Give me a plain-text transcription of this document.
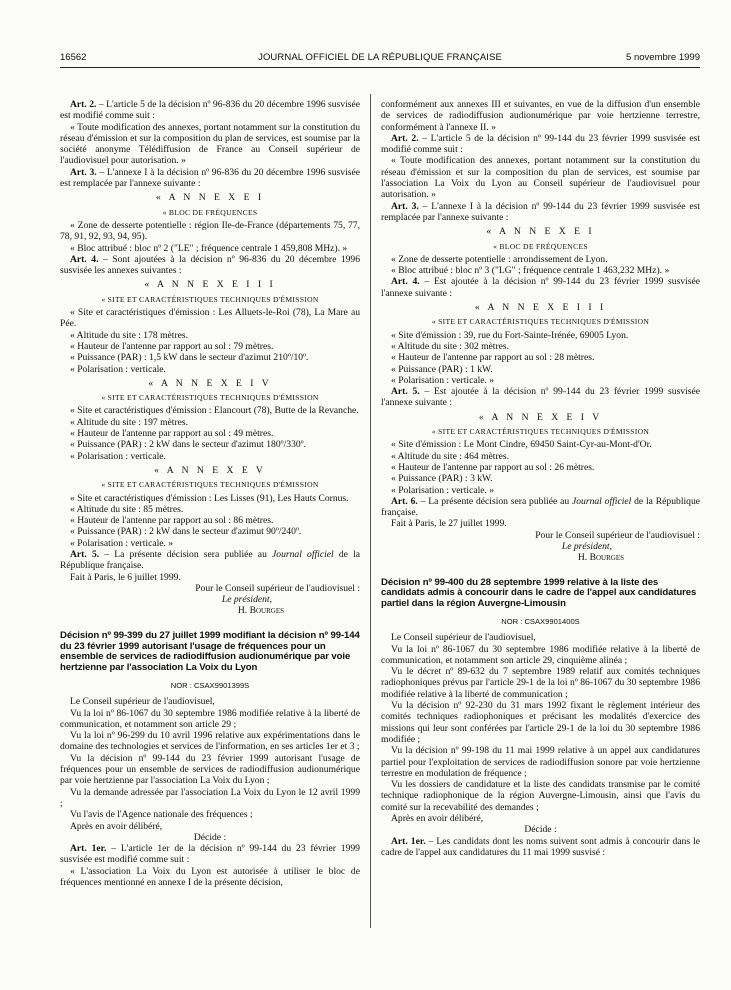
16562	JOURNAL OFFICIEL DE LA RÉPUBLIQUE FRANÇAISE	5 novembre 1999

Art. 2. – L'article 5 de la décision nº 96-836 du 20 décembre 1996 susvisée est modifié comme suit :

« Toute modification des annexes, portant notamment sur la constitution du réseau d'émission et sur la composition du plan de services, est soumise par la société anonyme Télédiffusion de France au Conseil supérieur de l'audiovisuel pour autorisation. »

Art. 3. – L'annexe I à la décision nº 96-836 du 20 décembre 1996 susvisée est remplacée par l'annexe suivante :

« A N N E X E I

« BLOC DE FRÉQUENCES

« Zone de desserte potentielle : région Ile-de-France (départements 75, 77, 78, 91, 92, 93, 94, 95).

« Bloc attribué : bloc nº 2 ("LE" ; fréquence centrale 1 459,808 MHz). »

Art. 4. – Sont ajoutées à la décision nº 96-836 du 20 décembre 1996 susvisée les annexes suivantes :

« A N N E X E I I I

« SITE ET CARACTÉRISTIQUES TECHNIQUES D'ÉMISSION

« Site et caractéristiques d'émission : Les Alluets-le-Roi (78), La Mare au Pée.

« Altitude du site : 178 mètres.

« Hauteur de l'antenne par rapport au sol : 79 mètres.

« Puissance (PAR) : 1,5 kW dans le secteur d'azimut 210º/10º.

« Polarisation : verticale.

« A N N E X E I V

« SITE ET CARACTÉRISTIQUES TECHNIQUES D'ÉMISSION

« Site et caractéristiques d'émission : Elancourt (78), Butte de la Revanche.

« Altitude du site : 197 mètres.

« Hauteur de l'antenne par rapport au sol : 49 mètres.

« Puissance (PAR) : 2 kW dans le secteur d'azimut 180º/330º.

« Polarisation : verticale.

« A N N E X E V

« SITE ET CARACTÉRISTIQUES TECHNIQUES D'ÉMISSION

« Site et caractéristiques d'émission : Les Lisses (91), Les Hauts Cornus.

« Altitude du site : 85 mètres.

« Hauteur de l'antenne par rapport au sol : 86 mètres.

« Puissance (PAR) : 2 kW dans le secteur d'azimut 90º/240º.

« Polarisation : verticale. »

Art. 5. – La présente décision sera publiée au Journal officiel de la République française.

Fait à Paris, le 6 juillet 1999.

Pour le Conseil supérieur de l'audiovisuel :

Le président,

H. Bourges

Décision nº 99-399 du 27 juillet 1999 modifiant la décision nº 99-144 du 23 février 1999 autorisant l'usage de fréquences pour un ensemble de services de radiodiffusion audionumérique par voie hertzienne par l'association La Voix du Lyon

NOR : CSAX9901399S

Le Conseil supérieur de l'audiovisuel,

Vu la loi nº 86-1067 du 30 septembre 1986 modifiée relative à la liberté de communication, et notamment son article 29 ;

Vu la loi nº 96-299 du 10 avril 1996 relative aux expérimentations dans le domaine des technologies et services de l'information, en ses articles 1er et 3 ;

Vu la décision nº 99-144 du 23 février 1999 autorisant l'usage de fréquences pour un ensemble de services de radiodiffusion audionumérique par voie hertzienne par l'association La Voix du Lyon ;

Vu la demande adressée par l'association La Voix du Lyon le 12 avril 1999 ;

Vu l'avis de l'Agence nationale des fréquences ;

Après en avoir délibéré,

Décide :

Art. 1er. – L'article 1er de la décision nº 99-144 du 23 février 1999 susvisée est modifié comme suit :

« L'association La Voix du Lyon est autorisée à utiliser le bloc de fréquences mentionné en annexe I de la présente décision,

conformément aux annexes III et suivantes, en vue de la diffusion d'un ensemble de services de radiodiffusion audionumérique par voie hertzienne terrestre, conformément à l'annexe II. »

Art. 2. – L'article 5 de la décision nº 99-144 du 23 février 1999 susvisée est modifié comme suit :

« Toute modification des annexes, portant notamment sur la constitution du réseau d'émission et sur la composition du plan de services, est soumise par l'association La Voix du Lyon au Conseil supérieur de l'audiovisuel pour autorisation. »

Art. 3. – L'annexe I à la décision nº 99-144 du 23 février 1999 susvisée est remplacée par l'annexe suivante :

« A N N E X E I

« BLOC DE FRÉQUENCES

« Zone de desserte potentielle : arrondissement de Lyon.

« Bloc attribué : bloc nº 3 ("LG" ; fréquence centrale 1 463,232 MHz). »

Art. 4. – Est ajoutée à la décision nº 99-144 du 23 février 1999 susvisée l'annexe suivante :

« A N N E X E I I I

« SITE ET CARACTÉRISTIQUES TECHNIQUES D'ÉMISSION

« Site d'émission : 39, rue du Fort-Sainte-Irénée, 69005 Lyon.

« Altitude du site : 302 mètres.

« Hauteur de l'antenne par rapport au sol : 28 mètres.

« Puissance (PAR) : 1 kW.

« Polarisation : verticale. »

Art. 5. – Est ajoutée à la décision nº 99-144 du 23 février 1999 susvisée l'annexe suivante :

« A N N E X E I V

« SITE ET CARACTÉRISTIQUES TECHNIQUES D'ÉMISSION

« Site d'émission : Le Mont Cindre, 69450 Saint-Cyr-au-Mont-d'Or.

« Altitude du site : 464 mètres.

« Hauteur de l'antenne par rapport au sol : 26 mètres.

« Puissance (PAR) : 3 kW.

« Polarisation : verticale. »

Art. 6. – La présente décision sera publiée au Journal officiel de la République française.

Fait à Paris, le 27 juillet 1999.

Pour le Conseil supérieur de l'audiovisuel :

Le président,

H. Bourges

Décision nº 99-400 du 28 septembre 1999 relative à la liste des candidats admis à concourir dans le cadre de l'appel aux candidatures partiel dans la région Auvergne-Limousin

NOR : CSAX9901400S

Le Conseil supérieur de l'audiovisuel,

Vu la loi nº 86-1067 du 30 septembre 1986 modifiée relative à la liberté de communication, et notamment son article 29, cinquième alinéa ;

Vu le décret nº 89-632 du 7 septembre 1989 relatif aux comités techniques radiophoniques prévus par l'article 29-1 de la loi nº 86-1067 du 30 septembre 1986 modifiée relative à la liberté de communication ;

Vu la décision nº 92-230 du 31 mars 1992 fixant le règlement intérieur des comités techniques radiophoniques et précisant les modalités d'exercice des missions qui leur sont conférées par l'article 29-1 de la loi du 30 septembre 1986 modifiée ;

Vu la décision nº 99-198 du 11 mai 1999 relative à un appel aux candidatures partiel pour l'exploitation de services de radiodiffusion sonore par voie hertzienne terrestre en modulation de fréquence ;

Vu les dossiers de candidature et la liste des candidats transmise par le comité technique radiophonique de la région Auvergne-Limousin, ainsi que l'avis du comité sur la recevabilité des demandes ;

Après en avoir délibéré,

Décide :

Art. 1er. – Les candidats dont les noms suivent sont admis à concourir dans le cadre de l'appel aux candidatures du 11 mai 1999 susvisé :
